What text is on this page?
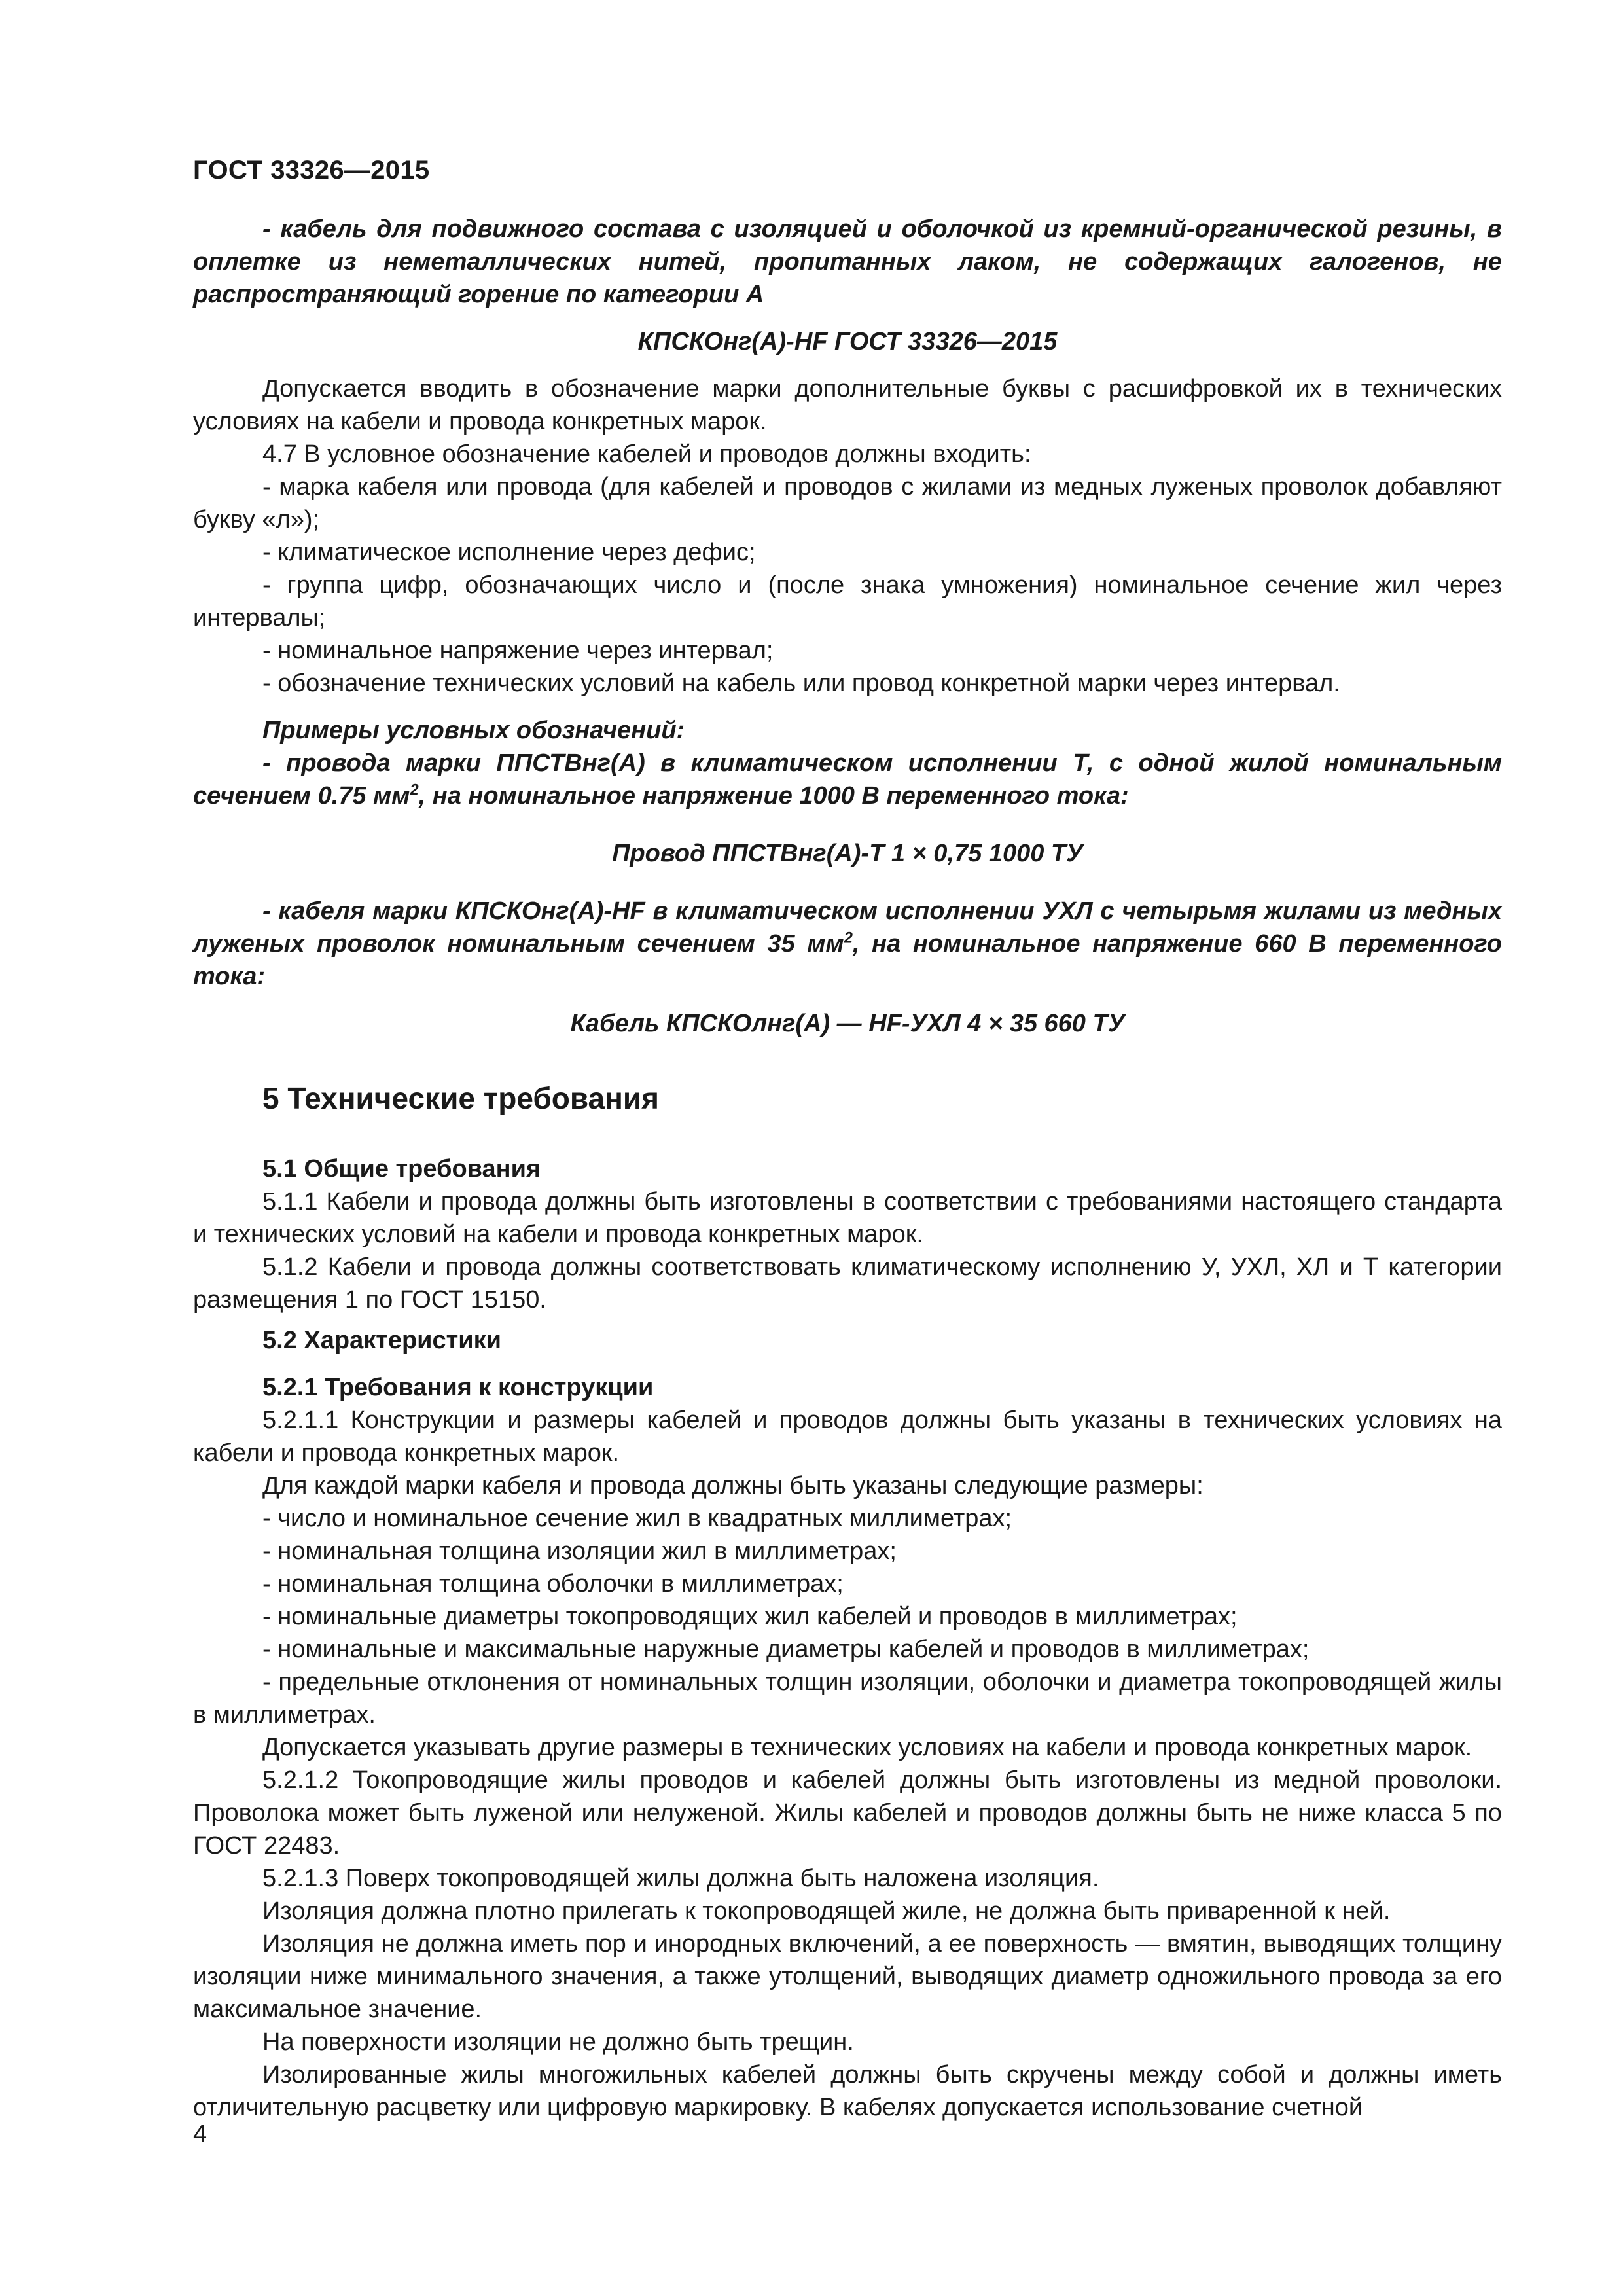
ГОСТ 33326—2015

- кабель для подвижного состава с изоляцией и оболочкой из кремний-органической резины, в оплетке из неметаллических нитей, пропитанных лаком, не содержащих галогенов, не распространяющий горение по категории А

КПСКОнг(А)-HF ГОСТ 33326—2015

Допускается вводить в обозначение марки дополнительные буквы с расшифровкой их в технических условиях на кабели и провода конкретных марок.

4.7 В условное обозначение кабелей и проводов должны входить:

- марка кабеля или провода (для кабелей и проводов с жилами из медных луженых проволок добавляют букву «л»);

- климатическое исполнение через дефис;

- группа цифр, обозначающих число и (после знака умножения) номинальное сечение жил через интервалы;

- номинальное напряжение через интервал;

- обозначение технических условий на кабель или провод конкретной марки через интервал.

Примеры условных обозначений:

- провода марки ППСТВнг(А) в климатическом исполнении Т, с одной жилой номинальным сечением 0.75 $мм^2$, на номинальное напряжение 1000 В переменного тока:

Провод ППСТВнг(А)-Т 1 × 0,75 1000 ТУ

- кабеля марки КПСКОнг(А)-HF в климатическом исполнении УХЛ с четырьмя жилами из медных луженых проволок номинальным сечением 35 $мм^2$, на номинальное напряжение 660 В переменного тока:

Кабель КПСКОлнг(А) — HF-УХЛ 4 × 35 660 ТУ

5 Технические требования

5.1 Общие требования

5.1.1 Кабели и провода должны быть изготовлены в соответствии с требованиями настоящего стандарта и технических условий на кабели и провода конкретных марок.

5.1.2 Кабели и провода должны соответствовать климатическому исполнению У, УХЛ, ХЛ и Т категории размещения 1 по ГОСТ 15150.

5.2 Характеристики

5.2.1 Требования к конструкции

5.2.1.1 Конструкции и размеры кабелей и проводов должны быть указаны в технических условиях на кабели и провода конкретных марок.

Для каждой марки кабеля и провода должны быть указаны следующие размеры:

- число и номинальное сечение жил в квадратных миллиметрах;

- номинальная толщина изоляции жил в миллиметрах;

- номинальная толщина оболочки в миллиметрах;

- номинальные диаметры токопроводящих жил кабелей и проводов в миллиметрах;

- номинальные и максимальные наружные диаметры кабелей и проводов в миллиметрах;

- предельные отклонения от номинальных толщин изоляции, оболочки и диаметра токопроводящей жилы в миллиметрах.

Допускается указывать другие размеры в технических условиях на кабели и провода конкретных марок.

5.2.1.2 Токопроводящие жилы проводов и кабелей должны быть изготовлены из медной проволоки. Проволока может быть луженой или нелуженой. Жилы кабелей и проводов должны быть не ниже класса 5 по ГОСТ 22483.

5.2.1.3 Поверх токопроводящей жилы должна быть наложена изоляция.

Изоляция должна плотно прилегать к токопроводящей жиле, не должна быть приваренной к ней.

Изоляция не должна иметь пор и инородных включений, а ее поверхность — вмятин, выводящих толщину изоляции ниже минимального значения, а также утолщений, выводящих диаметр одножильного провода за его максимальное значение.

На поверхности изоляции не должно быть трещин.

Изолированные жилы многожильных кабелей должны быть скручены между собой и должны иметь отличительную расцветку или цифровую маркировку. В кабелях допускается использование счетной

4
